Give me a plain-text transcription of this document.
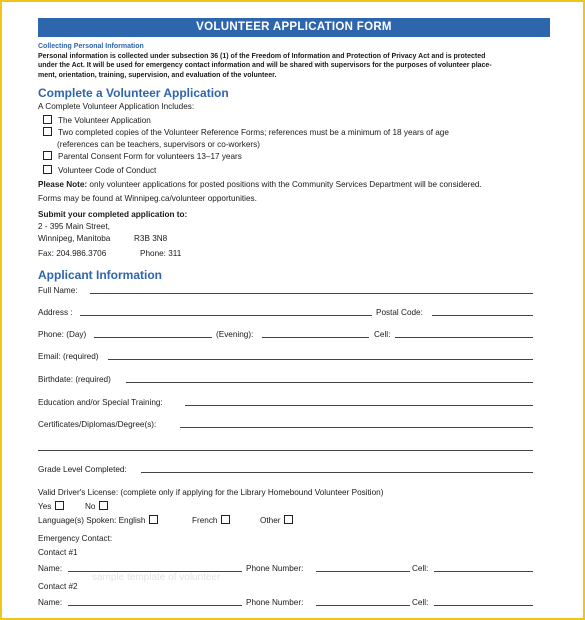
VOLUNTEER APPLICATION FORM
Collecting Personal Information
Personal information is collected under subsection 36 (1) of the Freedom of Information and Protection of Privacy Act and is protected
under the Act. It will be used for emergency contact information and will be shared with supervisors for the purposes of volunteer place-
ment, orientation, training, supervision, and evaluation of the volunteer.
Complete a Volunteer Application
A Complete Volunteer Application Includes:
The Volunteer Application
Two completed copies of the Volunteer Reference Forms; references must be a minimum of 18 years of age
(references can be teachers, supervisors or co-workers)
Parental Consent Form for volunteers 13–17 years
Volunteer Code of Conduct
Please Note: only volunteer applications for posted positions with the Community Services Department will be considered.
Forms may be found at Winnipeg.ca/volunteer opportunities.
Submit your completed application to:
2 - 395 Main Street,
Winnipeg, Manitoba	R3B 3N8
Fax: 204.986.3706	Phone: 311
Applicant Information
Full Name:
Address :	Postal Code:
Phone: (Day)	(Evening):	Cell:
Email: (required)
Birthdate: (required)
Education and/or Special Training:
Certificates/Diplomas/Degree(s):
Grade Level Completed:
Valid Driver's License: (complete only if applying for the Library Homebound Volunteer Position)
Yes	No
Language(s) Spoken: English	French	Other
Emergency Contact:
Contact #1
Name:	Phone Number:	Cell:
Contact #2
Name:	Phone Number:	Cell:
sample template of volunteer
